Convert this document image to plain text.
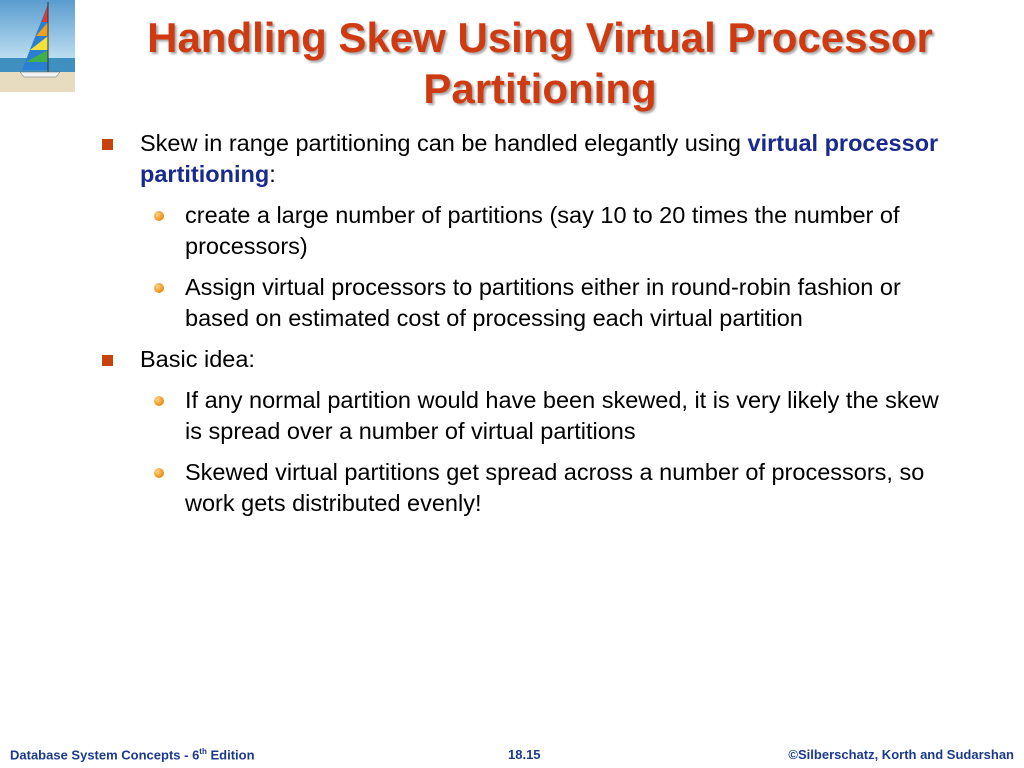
Handling Skew Using Virtual Processor
Partitioning
Skew in range partitioning can be handled elegantly using virtual processor partitioning:
create a large number of partitions (say 10 to 20 times the number of processors)
Assign virtual processors to partitions either in round-robin fashion or based on estimated cost of processing each virtual partition
Basic idea:
If any normal partition would have been skewed, it is very likely the skew is spread over a number of virtual partitions
Skewed virtual partitions get spread across a number of processors, so work gets distributed evenly!
Database System Concepts - 6th Edition	18.15	©Silberschatz, Korth and Sudarshan
